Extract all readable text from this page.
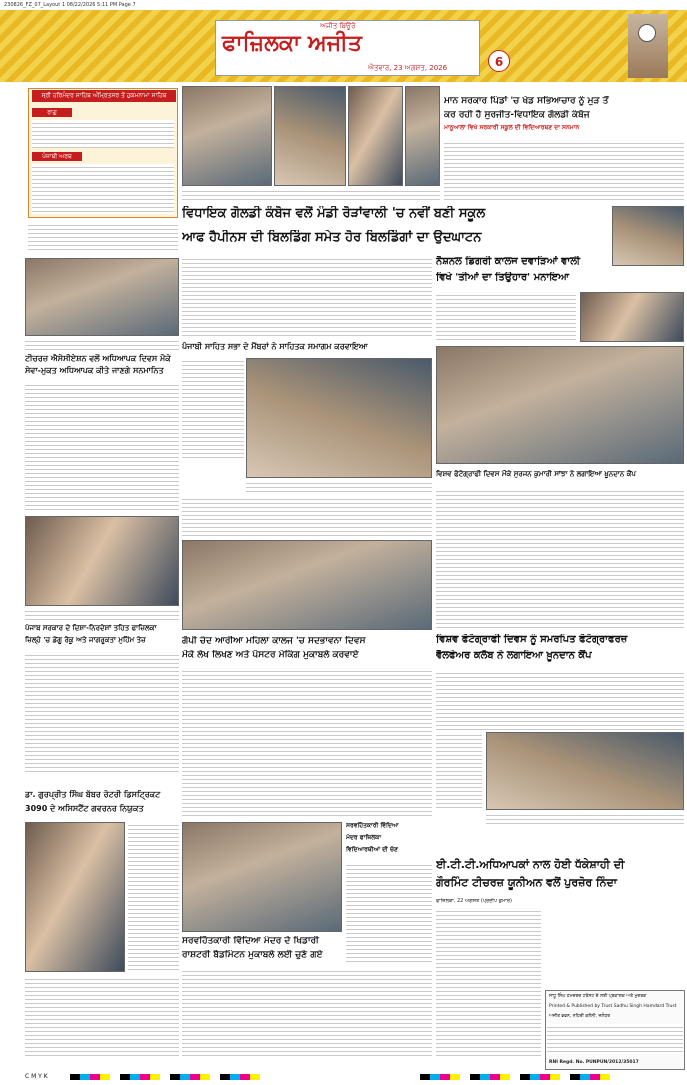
230826_FZ_07_Layout 1 08/22/2026 5:11 PM Page 7
ਅਜੀਤ ਬਿਊਰੋ
ਫਾਜ਼ਿਲਕਾ ਅਜੀਤ
ਐਤਵਾਰ, 23 ਅਗਸਤ, 2026	6
ਸ੍ਰੀ ਹਰਿਮੰਦਰ ਸਾਹਿਬ ਅੰਮ੍ਰਿਤਸਰ ਤੋਂ ਹੁਕਮਨਾਮਾ ਸਾਹਿਬ
ਰਾਗੁ
ਪੰਜਾਬੀ ਅਰਥ
ਮਾਨ ਸਰਕਾਰ ਪਿੰਡਾਂ 'ਚ ਖੇਡ ਸਭਿਆਚਾਰ ਨੂੰ ਮੁੜ ਤੋਂ
ਕਰ ਰਹੀ ਹੈ ਸੁਰਜੀਤ-ਵਿਧਾਇਕ ਗੋਲਡੀ ਕੰਬੋਜ
ਮਾਨੂਆਲਾ ਵਿਖੇ ਸਰਕਾਰੀ ਸਕੂਲ ਦੀ ਵਿਦਿਆਰਥਣ ਦਾ ਸਨਮਾਨ
ਵਿਧਾਇਕ ਗੋਲਡੀ ਕੰਬੋਜ ਵਲੋਂ ਮੰਡੀ ਰੋੜਾਂਵਾਲੀ 'ਚ ਨਵੀਂ ਬਣੀ ਸਕੂਲ
ਆਫ ਹੈਪੀਨਸ ਦੀ ਬਿਲਡਿੰਗ ਸਮੇਤ ਹੋਰ ਬਿਲਡਿੰਗਾਂ ਦਾ ਉਦਘਾਟਨ
ਨੈਸ਼ਨਲ ਡਿਗਰੀ ਕਾਲਜ ਦਵਾੜਿਆਂ ਵਾਲੀ
ਵਿਖੇ 'ਤੀਆਂ ਦਾ ਤਿਉਹਾਰ' ਮਨਾਇਆ
ਟੀਚਰਜ਼ ਐਸੋਸੀਏਸ਼ਨ ਵਲੋਂ ਅਧਿਆਪਕ ਦਿਵਸ ਮੌਕੇ
ਸੇਵਾ-ਮੁਕਤ ਅਧਿਆਪਕ ਕੀਤੇ ਜਾਣਗੇ ਸਨਮਾਨਿਤ
ਪੰਜਾਬੀ ਸਾਹਿਤ ਸਭਾ ਦੇ ਮੈਂਬਰਾਂ ਨੇ ਸਾਹਿਤਕ ਸਮਾਗਮ ਕਰਵਾਇਆ
ਵਿਸ਼ਵ ਫੋਟੋਗ੍ਰਾਫੀ ਦਿਵਸ ਮੌਕੇ ਸੁਰਜਨ ਕੁਮਾਰੀ ਸਾਂਝਾ ਨੇ ਲਗਾਇਆ ਖ਼ੂਨਦਾਨ ਕੈਂਪ
ਪੰਜਾਬ ਸਰਕਾਰ ਦੇ ਦਿਸ਼ਾ-ਨਿਰਦੇਸ਼ਾਂ ਤਹਿਤ ਫਾਜ਼ਿਲਕਾ
ਜ਼ਿਲ੍ਹੇ 'ਚ ਡੇਂਗੂ ਰੋਕੂ ਅਤੇ ਜਾਗਰੂਕਤਾ ਮੁਹਿੰਮ ਤੇਜ਼	ਵਿਸ਼ਵ ਫੋਟੋਗ੍ਰਾਫੀ ਦਿਵਸ ਨੂੰ ਸਮਰਪਿਤ ਫੋਟੋਗ੍ਰਾਫਰਜ਼
ਵੈੱਲਫੇਅਰ ਕਲੱਬ ਨੇ ਲਗਾਇਆ ਖ਼ੂਨਦਾਨ ਕੈਂਪ
ਗੋਪੀ ਚੰਦ ਆਰੀਆ ਮਹਿਲਾ ਕਾਲਜ 'ਚ ਸਦਭਾਵਨਾ ਦਿਵਸ
ਮੌਕੇ ਲੇਖ ਲਿਖਣ ਅਤੇ ਪੋਸਟਰ ਮੇਕਿੰਗ ਮੁਕਾਬਲੇ ਕਰਵਾਏ
ਡਾ. ਗੁਰਪ੍ਰੀਤ ਸਿੰਘ ਬੱਬਰ ਰੋਟਰੀ ਡਿਸਟ੍ਰਿਕਟ
3090 ਦੇ ਅਸਿਸਟੈਂਟ ਗਵਰਨਰ ਨਿਯੁਕਤ
ਸਰਵਹਿੱਤਕਾਰੀ ਵਿੱਦਿਆ
ਮੰਦਰ ਫਾਜ਼ਿਲਕਾ
ਵਿਦਿਆਰਥੀਆਂ ਦੀ ਚੋਣ
ਸਰਵਹਿੱਤਕਾਰੀ ਵਿੱਦਿਆ ਮੰਦਰ ਦੇ ਖਿਡਾਰੀ
ਰਾਸ਼ਟਰੀ ਬੈਡਮਿੰਟਨ ਮੁਕਾਬਲੇ ਲਈ ਚੁਣੇ ਗਏ
ਈ.ਟੀ.ਟੀ.ਅਧਿਆਪਕਾਂ ਨਾਲ ਹੋਈ ਧੱਕੇਸ਼ਾਹੀ ਦੀ
ਗੌਰਮਿੰਟ ਟੀਚਰਜ਼ ਯੂਨੀਅਨ ਵਲੋਂ ਪੁਰਜ਼ੋਰ ਨਿੰਦਾ
ਫਾਜ਼ਿਲਕਾ, 22 ਅਗਸਤ (ਪ੍ਰਦੀਪ ਕੁਮਾਰ)
ਸਾਧੂ ਸਿੰਘ ਹਮਦਰਦ ਟਰੱਸਟ ਦੇ ਲਈ ਪ੍ਰਕਾਸ਼ਕ ਅਤੇ ਮੁਦਰਕ
Printed & Published by Trust Sadhu Singh Hamdard Trust
ਅਜੀਤ ਭਵਨ, ਨਹਿਰੀ ਕਲੋਨੀ, ਜਲੰਧਰ
RNI Regd. No. PUNPUN/2012/35017
C M Y K
